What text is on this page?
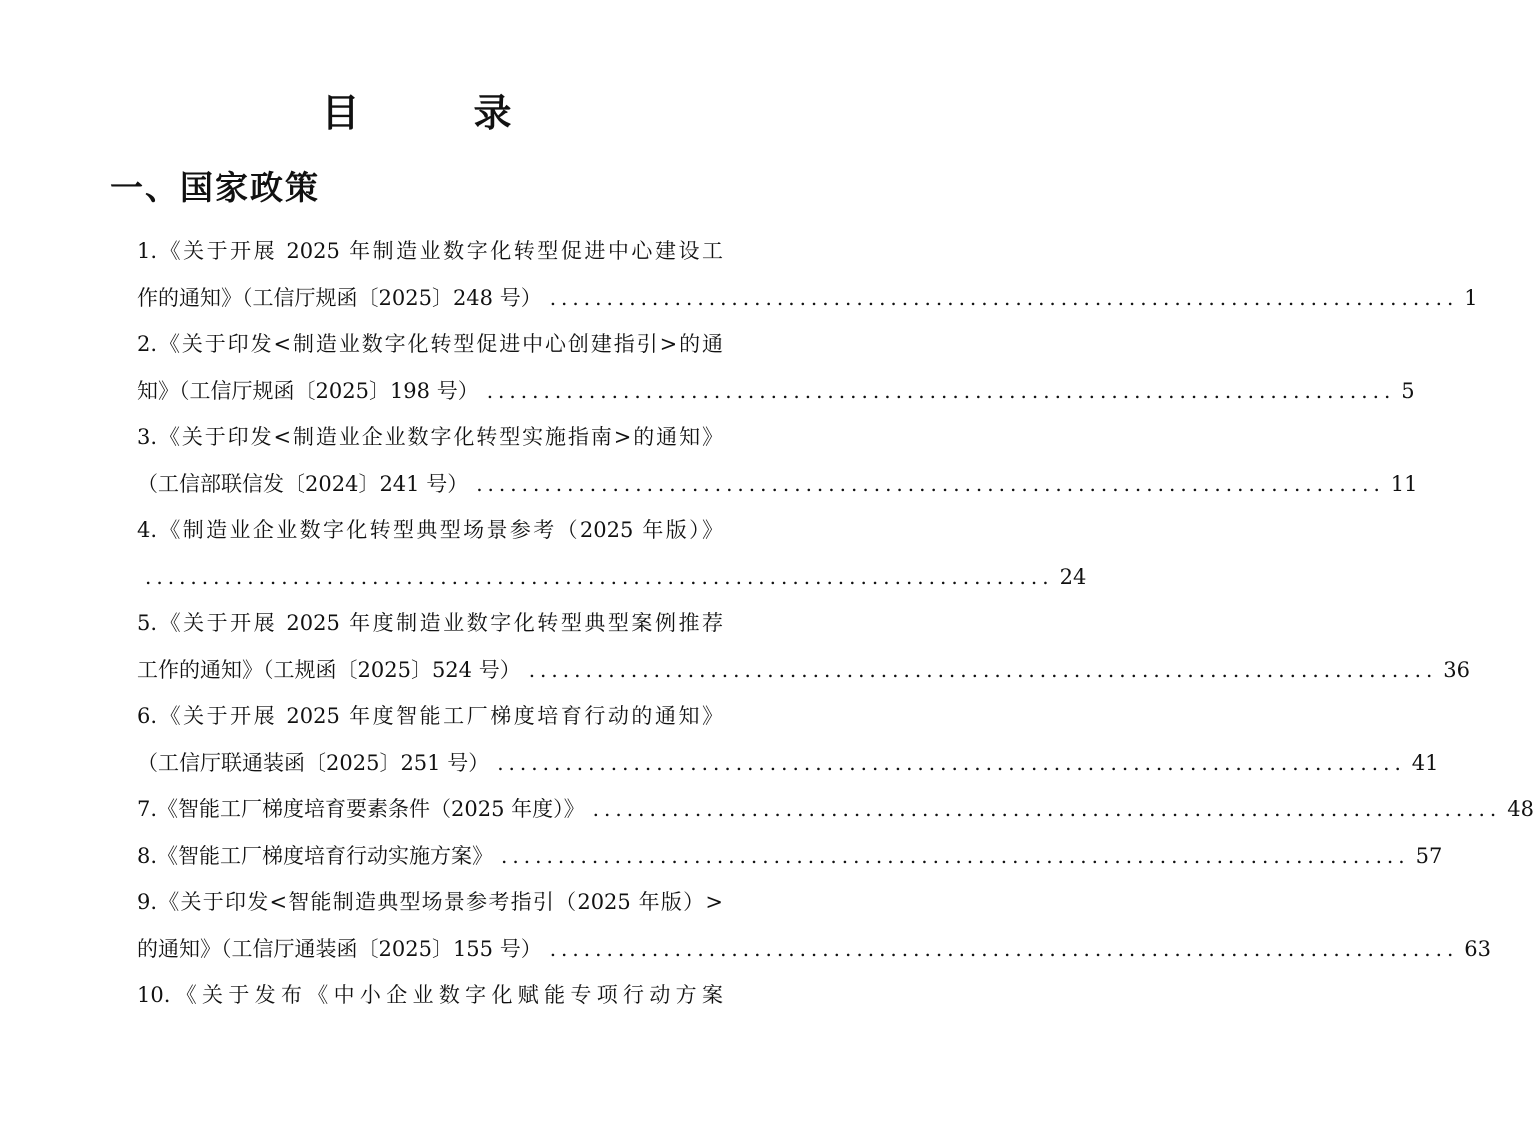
目　录
一、国家政策
1.《关于开展 2025 年制造业数字化转型促进中心建设工
作的通知》（工信厅规函〔2025〕248 号） ................................................................................ 1
2.《关于印发<制造业数字化转型促进中心创建指引>的通
知》（工信厅规函〔2025〕198 号） ................................................................................ 5
3.《关于印发<制造业企业数字化转型实施指南>的通知》
（工信部联信发〔2024〕241 号） ................................................................................ 11
4.《制造业企业数字化转型典型场景参考（2025 年版）》
................................................................................ 24
5.《关于开展 2025 年度制造业数字化转型典型案例推荐
工作的通知》（工规函〔2025〕524 号） ................................................................................ 36
6.《关于开展 2025 年度智能工厂梯度培育行动的通知》
（工信厅联通装函〔2025〕251 号） ................................................................................ 41
7.《智能工厂梯度培育要素条件（2025 年度）》 ................................................................................ 48
8.《智能工厂梯度培育行动实施方案》 ................................................................................ 57
9.《关于印发<智能制造典型场景参考指引（2025 年版）>
的通知》（工信厅通装函〔2025〕155 号） ................................................................................ 63
10.《关于发布《中小企业数字化赋能专项行动方案
